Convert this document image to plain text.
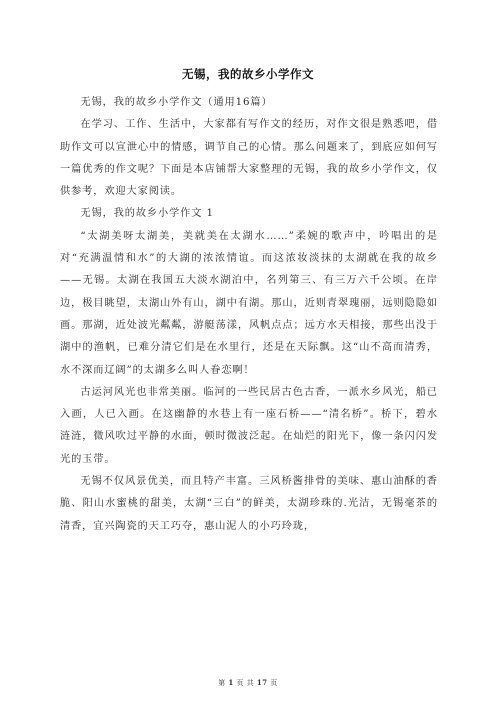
无锡，我的故乡小学作文

无锡，我的故乡小学作文（通用16篇）

在学习、工作、生活中，大家都有写作文的经历，对作文很是熟悉吧，借助作文可以宣泄心中的情感，调节自己的心情。那么问题来了，到底应如何写一篇优秀的作文呢？下面是本店铺帮大家整理的无锡，我的故乡小学作文，仅供参考，欢迎大家阅读。

无锡，我的故乡小学作文 1

“太湖美呀太湖美，美就美在太湖水……”柔婉的歌声中，吟唱出的是对“充满温情和水”的大湖的浓浓情谊。而这浓妆淡抹的太湖就在我的故乡——无锡。太湖在我国五大淡水湖泊中，名列第三、有三万六千公顷。在岸边，极目眺望，太湖山外有山，湖中有湖。那山，近则青翠瑰丽，远则隐隐如画。那湖，近处波光粼粼，游艇荡漾，风帆点点；远方水天相接，那些出没于湖中的渔帆，已难分清它们是在水里行，还是在天际飘。这“山不高而清秀，水不深而辽阔”的太湖多么叫人眷恋啊！

古运河风光也非常美丽。临河的一些民居古色古香，一派水乡风光，船已入画，人已入画。在这幽静的水巷上有一座石桥——“清名桥”。桥下，碧水涟涟，微风吹过平静的水面，顿时微波泛起。在灿烂的阳光下，像一条闪闪发光的玉带。

无锡不仅风景优美，而且特产丰富。三风桥酱排骨的美味、惠山油酥的香脆、阳山水蜜桃的甜美，太湖“三白”的鲜美，太湖珍珠的.光洁，无锡毫茶的清香，宜兴陶瓷的天工巧夺，惠山泥人的小巧玲珑，

第 1 页 共 17 页
